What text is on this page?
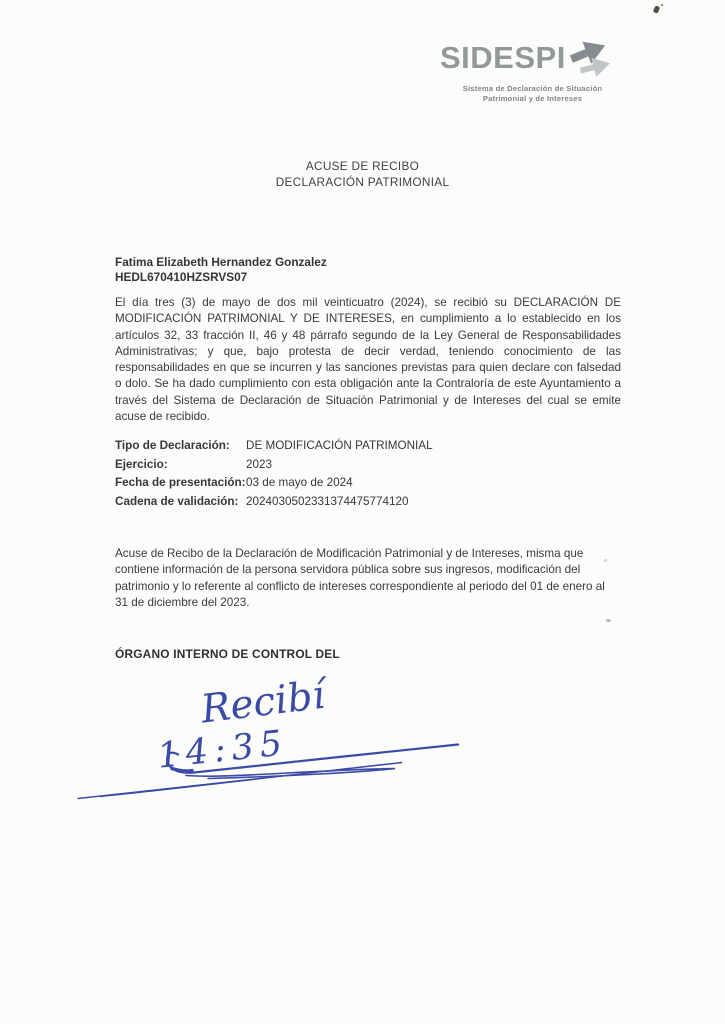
SIDESPI
Sistema de Declaración de Situación
Patrimonial y de Intereses
ACUSE DE RECIBO
DECLARACIÓN PATRIMONIAL
Fatima Elizabeth Hernandez Gonzalez
HEDL670410HZSRVS07
El día tres (3) de mayo de dos mil veinticuatro (2024), se recibió su DECLARACIÓN DE MODIFICACIÓN PATRIMONIAL Y DE INTERESES, en cumplimiento a lo establecido en los artículos 32, 33 fracción II, 46 y 48 párrafo segundo de la Ley General de Responsabilidades Administrativas; y que, bajo protesta de decir verdad, teniendo conocimiento de las responsabilidades en que se incurren y las sanciones previstas para quien declare con falsedad o dolo. Se ha dado cumplimiento con esta obligación ante la Contraloría de este Ayuntamiento a través del Sistema de Declaración de Situación Patrimonial y de Intereses del cual se emite acuse de recibido.
Tipo de Declaración:	DE MODIFICACIÓN PATRIMONIAL
Ejercicio:	2023
Fecha de presentación: 03 de mayo de 2024
Cadena de validación: 2024030502331374475774120
Acuse de Recibo de la Declaración de Modificación Patrimonial y de Intereses, misma que contiene información de la persona servidora pública sobre sus ingresos, modificación del patrimonio y lo referente al conflicto de intereses correspondiente al periodo del 01 de enero al 31 de diciembre del 2023.
ÓRGANO INTERNO DE CONTROL DEL
Recibí
14:35
